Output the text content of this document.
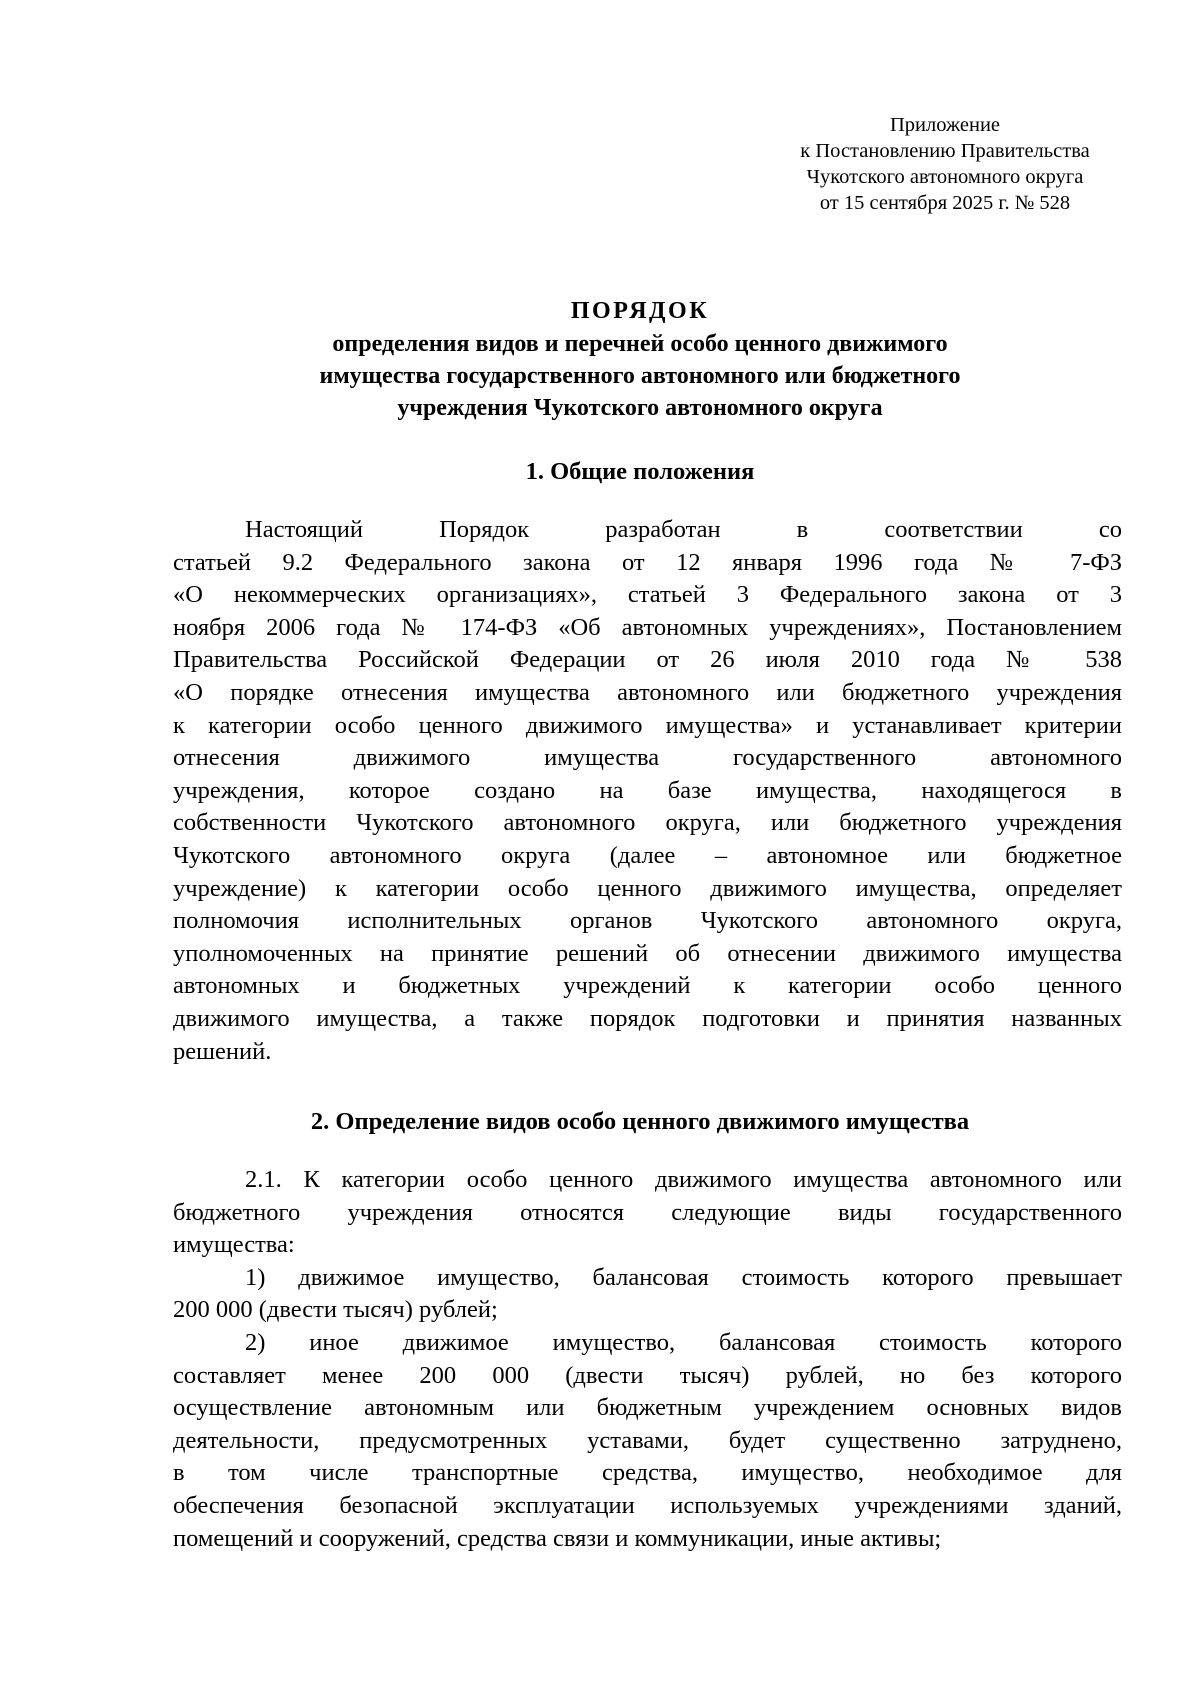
Приложение
к Постановлению Правительства
Чукотского автономного округа
от 15 сентября 2025 г. № 528
ПОРЯДОК
определения видов и перечней особо ценного движимого
имущества государственного автономного или бюджетного
учреждения Чукотского автономного округа
1. Общие положения
Настоящий Порядок разработан в соответствии со
статьей 9.2 Федерального закона от 12 января 1996 года № 7-ФЗ
«О некоммерческих организациях», статьей 3 Федерального закона от 3
ноября 2006 года № 174-ФЗ «Об автономных учреждениях», Постановлением
Правительства Российской Федерации от 26 июля 2010 года № 538
«О порядке отнесения имущества автономного или бюджетного учреждения
к категории особо ценного движимого имущества» и устанавливает критерии
отнесения движимого имущества государственного автономного
учреждения, которое создано на базе имущества, находящегося в
собственности Чукотского автономного округа, или бюджетного учреждения
Чукотского автономного округа (далее – автономное или бюджетное
учреждение) к категории особо ценного движимого имущества, определяет
полномочия исполнительных органов Чукотского автономного округа,
уполномоченных на принятие решений об отнесении движимого имущества
автономных и бюджетных учреждений к категории особо ценного
движимого имущества, а также порядок подготовки и принятия названных
решений.
2. Определение видов особо ценного движимого имущества
2.1. К категории особо ценного движимого имущества автономного или
бюджетного учреждения относятся следующие виды государственного
имущества:
1) движимое имущество, балансовая стоимость которого превышает
200 000 (двести тысяч) рублей;
2) иное движимое имущество, балансовая стоимость которого
составляет менее 200 000 (двести тысяч) рублей, но без которого
осуществление автономным или бюджетным учреждением основных видов
деятельности, предусмотренных уставами, будет существенно затруднено,
в том числе транспортные средства, имущество, необходимое для
обеспечения безопасной эксплуатации используемых учреждениями зданий,
помещений и сооружений, средства связи и коммуникации, иные активы;
